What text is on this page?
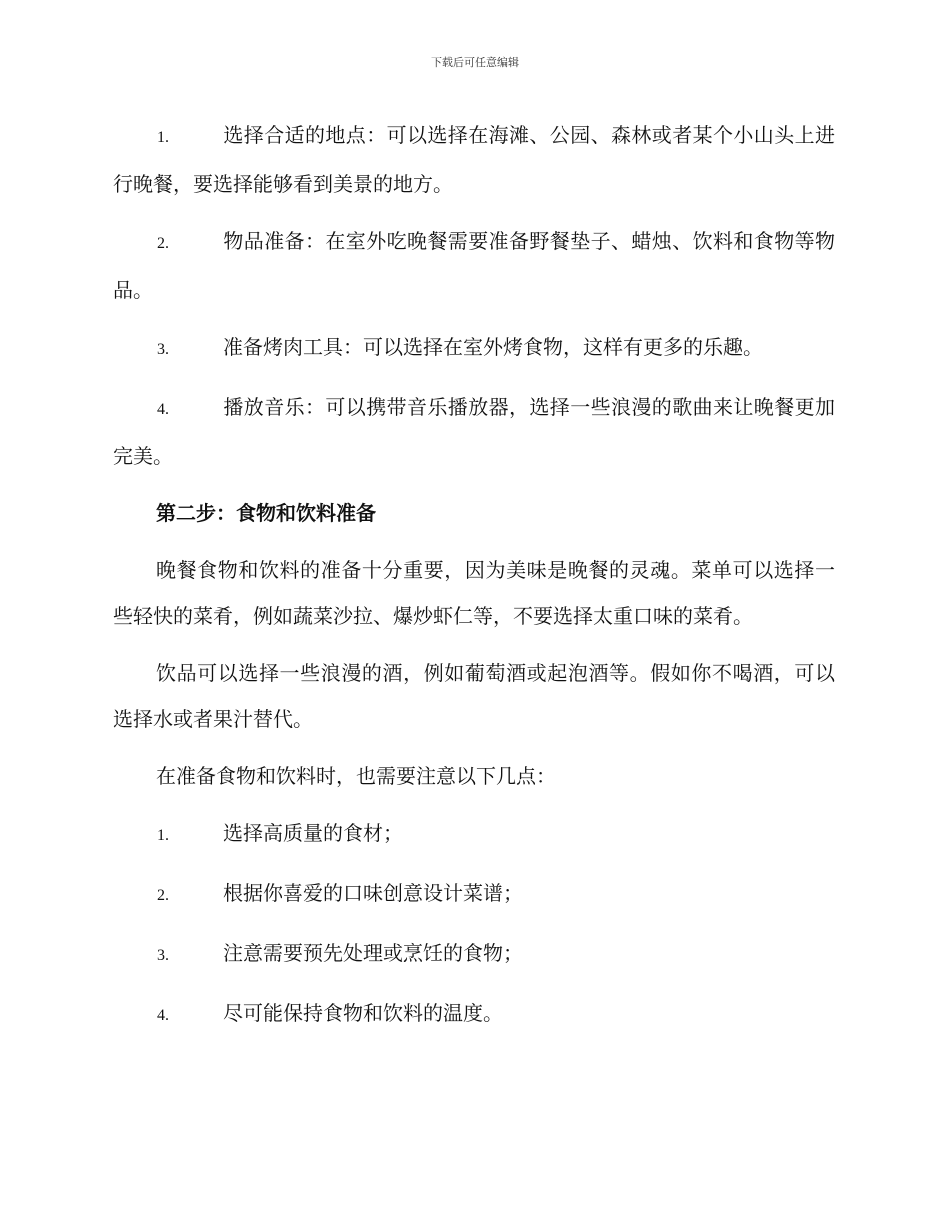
下载后可任意编辑
1.	选择合适的地点：可以选择在海滩、公园、森林或者某个小山头上进行晚餐，要选择能够看到美景的地方。
2.	物品准备：在室外吃晚餐需要准备野餐垫子、蜡烛、饮料和食物等物品。
3.	准备烤肉工具：可以选择在室外烤食物，这样有更多的乐趣。
4.	播放音乐：可以携带音乐播放器，选择一些浪漫的歌曲来让晚餐更加完美。
第二步：食物和饮料准备
晚餐食物和饮料的准备十分重要，因为美味是晚餐的灵魂。菜单可以选择一些轻快的菜肴，例如蔬菜沙拉、爆炒虾仁等，不要选择太重口味的菜肴。
饮品可以选择一些浪漫的酒，例如葡萄酒或起泡酒等。假如你不喝酒，可以选择水或者果汁替代。
在准备食物和饮料时，也需要注意以下几点：
1.	选择高质量的食材；
2.	根据你喜爱的口味创意设计菜谱；
3.	注意需要预先处理或烹饪的食物；
4.	尽可能保持食物和饮料的温度。
